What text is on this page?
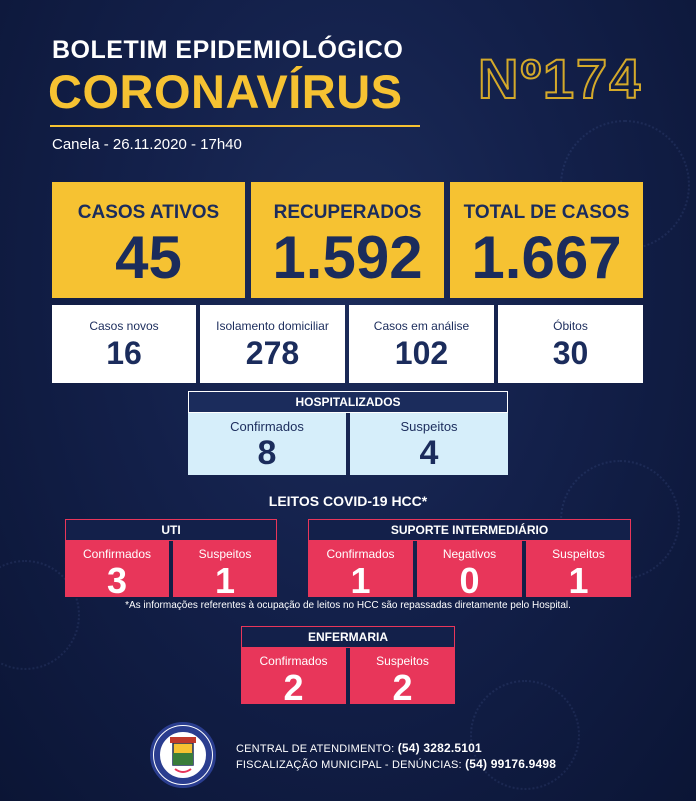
BOLETIM EPIDEMIOLÓGICO
CORONAVÍRUS
Canela - 26.11.2020 - 17h40
Nº174
CASOS ATIVOS
45
RECUPERADOS
1.592
TOTAL DE CASOS
1.667
Casos novos
16
Isolamento domiciliar
278
Casos em análise
102
Óbitos
30
HOSPITALIZADOS
Confirmados
8
Suspeitos
4
LEITOS COVID-19 HCC*
UTI
Confirmados
3
Suspeitos
1
SUPORTE INTERMEDIÁRIO
Confirmados
1
Negativos
0
Suspeitos
1
*As informações referentes à ocupação de leitos no HCC são repassadas diretamente pelo Hospital.
ENFERMARIA
Confirmados
2
Suspeitos
2
CENTRAL DE ATENDIMENTO: (54) 3282.5101
FISCALIZAÇÃO MUNICIPAL - DENÚNCIAS: (54) 99176.9498
